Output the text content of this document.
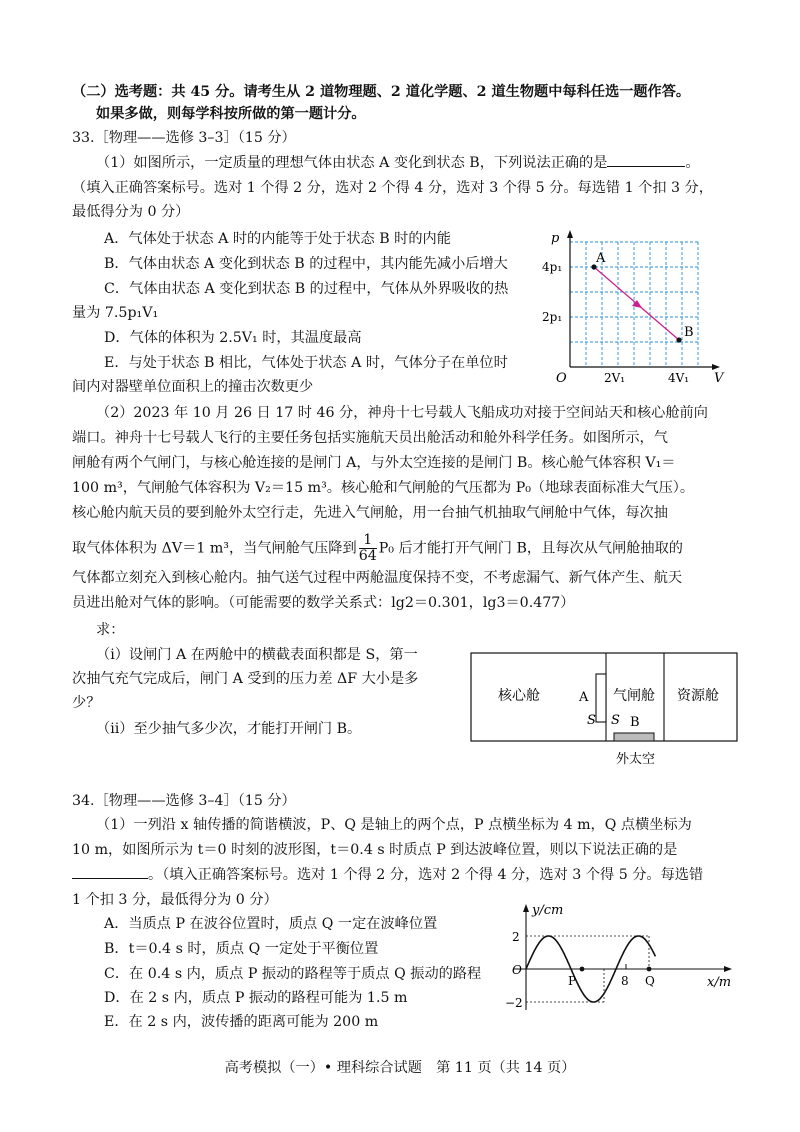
（二）选考题：共 45 分。请考生从 2 道物理题、2 道化学题、2 道生物题中每科任选一题作答。
如果多做，则每学科按所做的第一题计分。
33.［物理——选修 3–3］（15 分）
（1）如图所示，一定质量的理想气体由状态 A 变化到状态 B，下列说法正确的是	。
（填入正确答案标号。选对 1 个得 2 分，选对 2 个得 4 分，选对 3 个得 5 分。每选错 1 个扣 3 分，
最低得分为 0 分）
A．气体处于状态 A 时的内能等于处于状态 B 时的内能
B．气体由状态 A 变化到状态 B 的过程中，其内能先减小后增大
C．气体由状态 A 变化到状态 B 的过程中，气体从外界吸收的热
量为 7.5p₁V₁
D．气体的体积为 2.5V₁ 时，其温度最高
E．与处于状态 B 相比，气体处于状态 A 时，气体分子在单位时
间内对器壁单位面积上的撞击次数更少
p
4p₁
2p₁
A
B
O	2V₁	4V₁ V
（2）2023 年 10 月 26 日 17 时 46 分，神舟十七号载人飞船成功对接于空间站天和核心舱前向
端口。神舟十七号载人飞行的主要任务包括实施航天员出舱活动和舱外科学任务。如图所示，气
闸舱有两个气闸门，与核心舱连接的是闸门 A，与外太空连接的是闸门 B。核心舱气体容积 V₁＝
100 m³，气闸舱气体容积为 V₂＝15 m³。核心舱和气闸舱的气压都为 P₀（地球表面标准大气压）。
核心舱内航天员的要到舱外太空行走，先进入气闸舱，用一台抽气机抽取气闸舱中气体，每次抽
取气体体积为 ΔV＝1 m³，当气闸舱气压降到 $\frac{1}{64} P_0$ 后才能打开气闸门 B，且每次从气闸舱抽取的
气体都立刻充入到核心舱内。抽气送气过程中两舱温度保持不变，不考虑漏气、新气体产生、航天
员进出舱对气体的影响。（可能需要的数学关系式：lg2＝0.301，lg3＝0.477）
求：
（ⅰ）设闸门 A 在两舱中的横截表面积都是 S，第一
次抽气充气完成后，闸门 A 受到的压力差 ΔF 大小是多
少？
（ⅱ）至少抽气多少次，才能打开闸门 B。
核心舱	A
S S
气闸舱
B
资源舱
外太空
34.［物理——选修 3–4］（15 分）
（1）一列沿 x 轴传播的简谐横波，P、Q 是轴上的两个点，P 点横坐标为 4 m，Q 点横坐标为
10 m，如图所示为 t＝0 时刻的波形图，t＝0.4 s 时质点 P 到达波峰位置，则以下说法正确的是
。（填入正确答案标号。选对 1 个得 2 分，选对 2 个得 4 分，选对 3 个得 5 分。每选错
1 个扣 3 分，最低得分为 0 分）
A．当质点 P 在波谷位置时，质点 Q 一定在波峰位置
B．t＝0.4 s 时，质点 Q 一定处于平衡位置
C．在 0.4 s 内，质点 P 振动的路程等于质点 Q 振动的路程
D．在 2 s 内，质点 P 振动的路程可能为 1.5 m
E．在 2 s 内，波传播的距离可能为 200 m
y/cm
2
−2
O
P	8 Q	x/m
高考模拟（一）• 理科综合试题　第 11 页（共 14 页）
